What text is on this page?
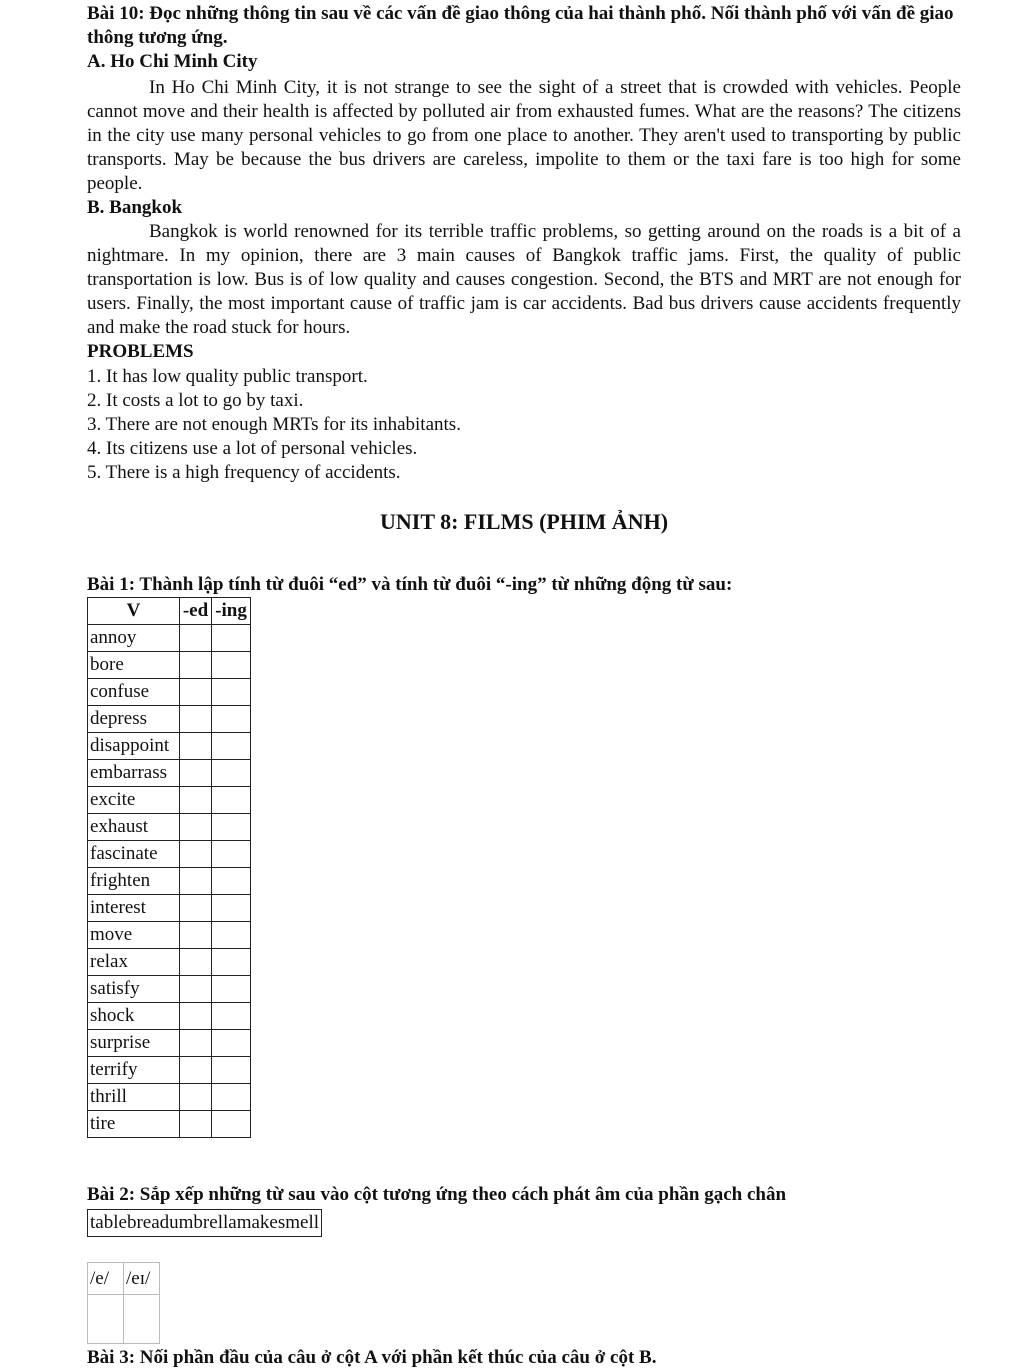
Bài 10: Đọc những thông tin sau về các vấn đề giao thông của hai thành phố. Nối thành phố với vấn đề giao thông tương ứng.
A. Ho Chi Minh City

In Ho Chi Minh City, it is not strange to see the sight of a street that is crowded with vehicles. People cannot move and their health is affected by polluted air from exhausted fumes. What are the reasons? The citizens in the city use many personal vehicles to go from one place to another. They aren't used to transporting by public transports. May be because the bus drivers are careless, impolite to them or the taxi fare is too high for some people.

B. Bangkok

Bangkok is world renowned for its terrible traffic problems, so getting around on the roads is a bit of a nightmare. In my opinion, there are 3 main causes of Bangkok traffic jams. First, the quality of public transportation is low. Bus is of low quality and causes congestion. Second, the BTS and MRT are not enough for users. Finally, the most important cause of traffic jam is car accidents. Bad bus drivers cause accidents frequently and make the road stuck for hours.

PROBLEMS
1. It has low quality public transport.
2. It costs a lot to go by taxi.
3. There are not enough MRTs for its inhabitants.
4. Its citizens use a lot of personal vehicles.
5. There is a high frequency of accidents.
UNIT 8: FILMS (PHIM ẢNH)
Bài 1: Thành lập tính từ đuôi “ed” và tính từ đuôi “-ing” từ những động từ sau:
V	-ed	-ing
annoy		
bore		
confuse		
depress		
disappoint		
embarrass		
excite		
exhaust		
fascinate		
frighten		
interest		
move		
relax		
satisfy		
shock		
surprise		
terrify		
thrill		
tire		
Bài 2: Sắp xếp những từ sau vào cột tương ứng theo cách phát âm của phần gạch chân
tablebreadumbrellamakesmell
/e/	/eɪ/

Bài 3: Nối phần đầu của câu ở cột A với phần kết thúc của câu ở cột B.
